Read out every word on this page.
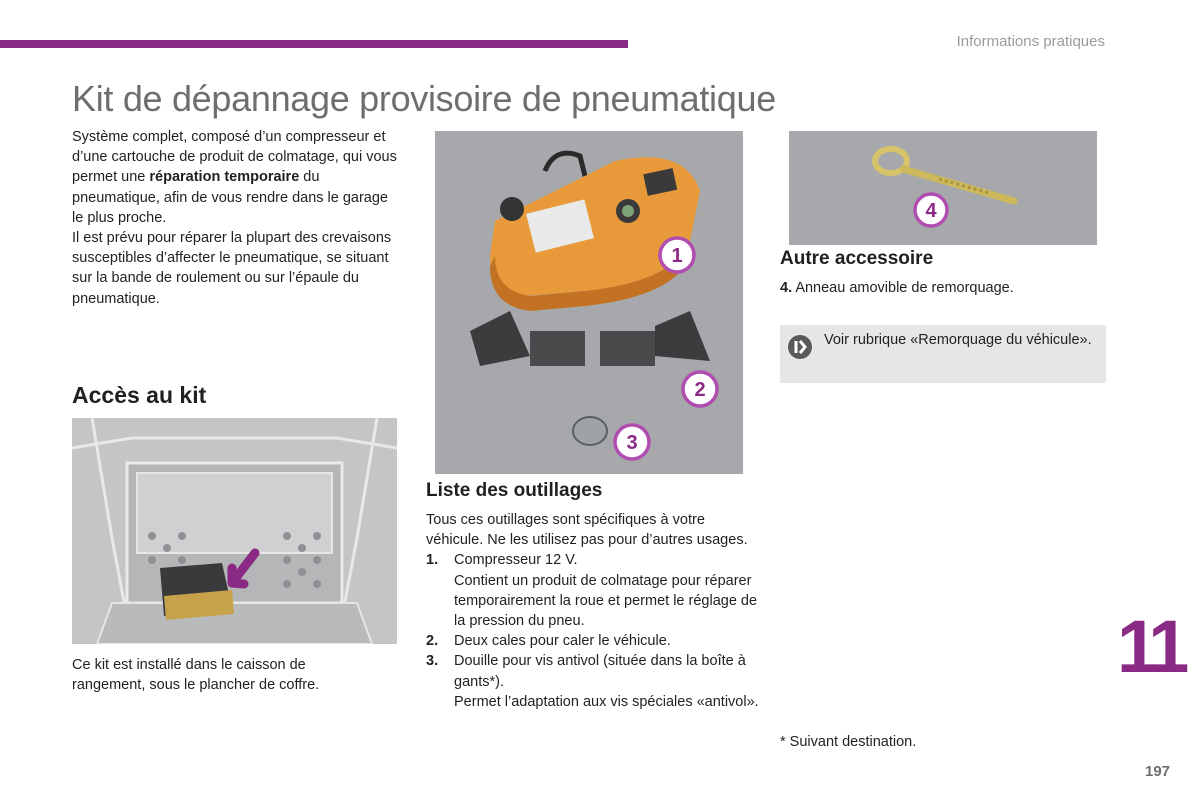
Informations pratiques
Kit de dépannage provisoire de pneumatique
Système complet, composé d’un compresseur et d’une cartouche de produit de colmatage, qui vous permet une réparation temporaire du pneumatique, afin de vous rendre dans le garage le plus proche.
Il est prévu pour réparer la plupart des crevaisons susceptibles d’affecter le pneumatique, se situant sur la bande de roulement ou sur l’épaule du pneumatique.
Accès au kit
Ce kit est installé dans le caisson de rangement, sous le plancher de coffre.
1
2
3
Liste des outillages
Tous ces outillages sont spécifiques à votre véhicule. Ne les utilisez pas pour d’autres usages.
1. Compresseur 12 V.
Contient un produit de colmatage pour réparer temporairement la roue et permet le réglage de la pression du pneu.
2. Deux cales pour caler le véhicule.
3. Douille pour vis antivol (située dans la boîte à gants*).
Permet l’adaptation aux vis spéciales «antivol».
4
Autre accessoire
4. Anneau amovible de remorquage.
Voir rubrique «Remorquage du véhicule».
* Suivant destination.
11
197
